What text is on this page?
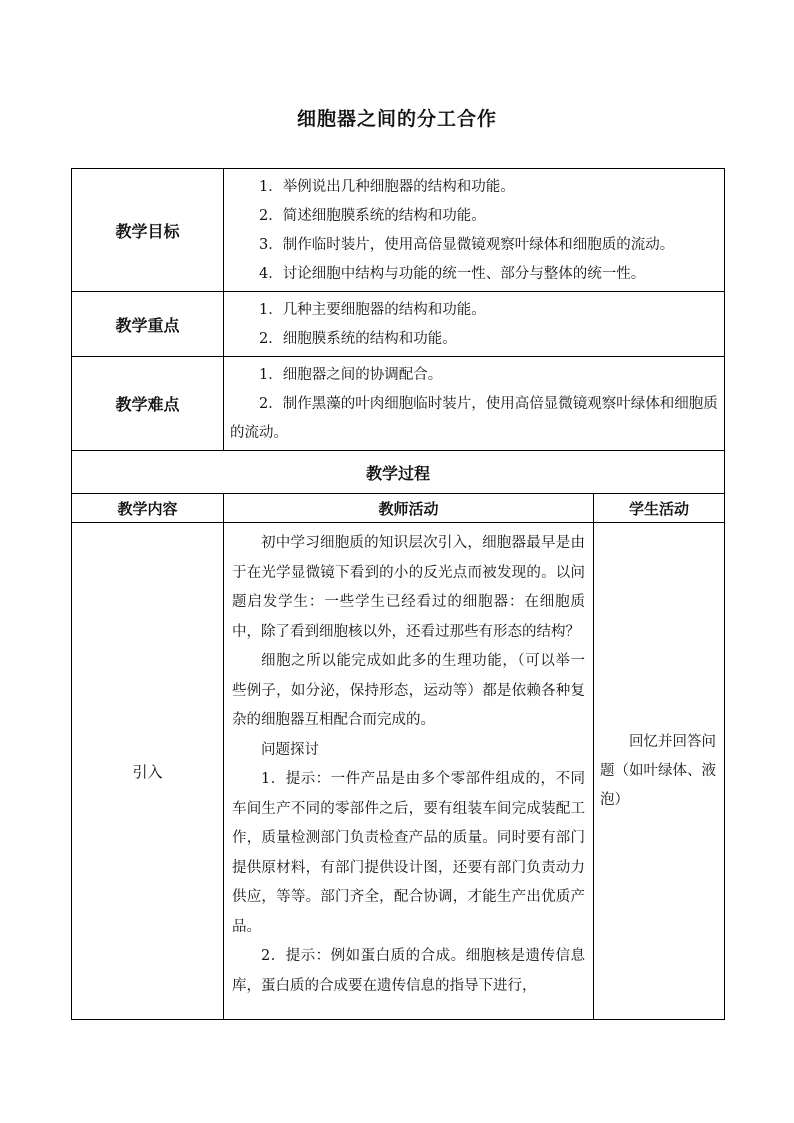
细胞器之间的分工合作
教学目标	1．举例说出几种细胞器的结构和功能。
2．简述细胞膜系统的结构和功能。
3．制作临时装片，使用高倍显微镜观察叶绿体和细胞质的流动。
4．讨论细胞中结构与功能的统一性、部分与整体的统一性。	

教学重点	1．几种主要细胞器的结构和功能。
2．细胞膜系统的结构和功能。	

教学难点	1．细胞器之间的协调配合。
2．制作黑藻的叶肉细胞临时装片，使用高倍显微镜观察叶绿体和细胞质的流动。	

教学过程		
教学内容	教师活动	学生活动
引入	初中学习细胞质的知识层次引入，细胞器最早是由于在光学显微镜下看到的小的反光点而被发现的。以问题启发学生：一些学生已经看过的细胞器：在细胞质中，除了看到细胞核以外，还看过那些有形态的结构？

细胞之所以能完成如此多的生理功能，（可以举一些例子，如分泌，保持形态，运动等）都是依赖各种复杂的细胞器互相配合而完成的。

问题探讨

1．提示：一件产品是由多个零部件组成的，不同车间生产不同的零部件之后，要有组装车间完成装配工作，质量检测部门负责检查产品的质量。同时要有部门提供原材料，有部门提供设计图，还要有部门负责动力供应，等等。部门齐全，配合协调，才能生产出优质产品。

2．提示：例如蛋白质的合成。细胞核是遗传信息库，蛋白质的合成要在遗传信息的指导下进行，	回忆并回答问题（如叶绿体、液泡）
